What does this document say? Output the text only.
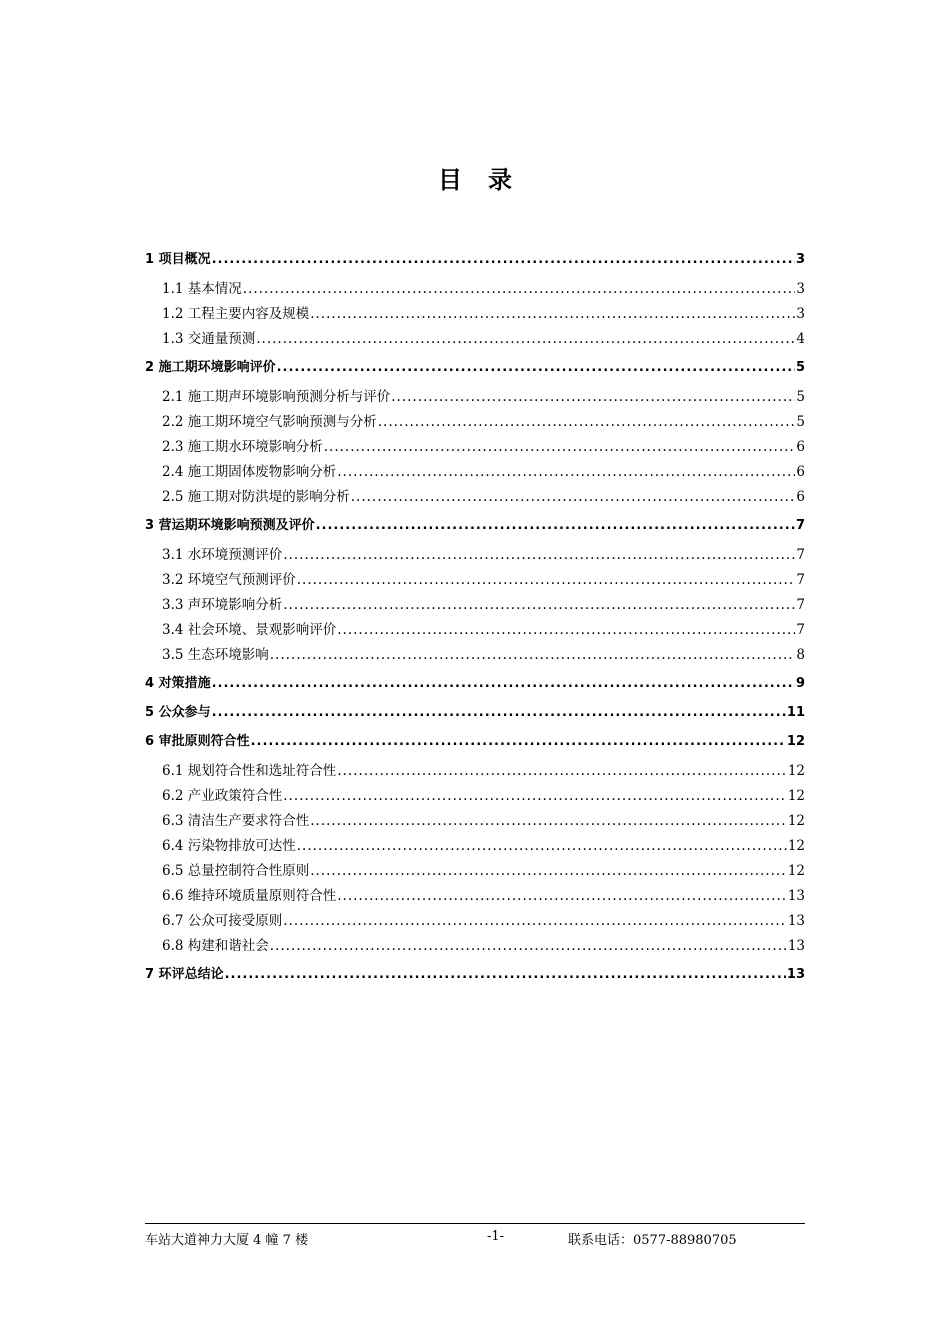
目录
1 项目概况 .....	3
1.1 基本情况 .....	3
1.2 工程主要内容及规模 .....	3
1.3 交通量预测 .....	4
2 施工期环境影响评价 .....	5
2.1 施工期声环境影响预测分析与评价 .....	5
2.2 施工期环境空气影响预测与分析 .....	5
2.3 施工期水环境影响分析 .....	6
2.4 施工期固体废物影响分析 .....	6
2.5 施工期对防洪堤的影响分析 .....	6
3 营运期环境影响预测及评价 .....	7
3.1 水环境预测评价 .....	7
3.2 环境空气预测评价 .....	7
3.3 声环境影响分析 .....	7
3.4 社会环境、景观影响评价 .....	7
3.5 生态环境影响 .....	8
4 对策措施 .....	9
5 公众参与 .....	11
6 审批原则符合性 .....	12
6.1 规划符合性和选址符合性 .....	12
6.2 产业政策符合性 .....	12
6.3 清洁生产要求符合性 .....	12
6.4 污染物排放可达性 .....	12
6.5 总量控制符合性原则 .....	12
6.6 维持环境质量原则符合性 .....	13
6.7 公众可接受原则 .....	13
6.8 构建和谐社会 .....	13
7 环评总结论 .....	13
车站大道神力大厦 4 幢 7 楼	-1-	联系电话：0577-88980705
